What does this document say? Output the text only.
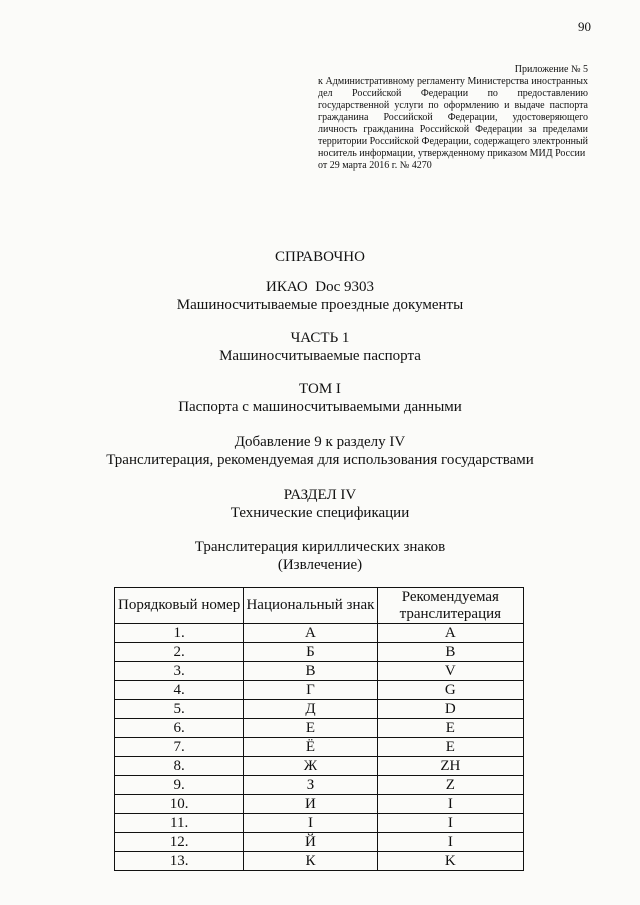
90
Приложение № 5
к Административному регламенту Министерства иностранных дел Российской Федерации по предоставлению государственной услуги по оформлению и выдаче паспорта гражданина Российской Федерации, удостоверяющего личность гражданина Российской Федерации за пределами территории Российской Федерации, содержащего электронный носитель информации, утвержденному приказом МИД России
от 29 марта 2016 г. № 4270
СПРАВОЧНО
ИКАО  Doc 9303
Машиносчитываемые проездные документы
ЧАСТЬ 1
Машиносчитываемые паспорта
ТОМ I
Паспорта с машиносчитываемыми данными
Добавление 9 к разделу IV
Транслитерация, рекомендуемая для использования государствами
РАЗДЕЛ IV
Технические спецификации
Транслитерация кириллических знаков
(Извлечение)
Порядковый номер	Национальный знак	Рекомендуемая транслитерация
1.	А	A
2.	Б	B
3.	В	V
4.	Г	G
5.	Д	D
6.	Е	E
7.	Ё	E
8.	Ж	ZH
9.	З	Z
10.	И	I
11.	І	I
12.	Й	I
13.	К	K
